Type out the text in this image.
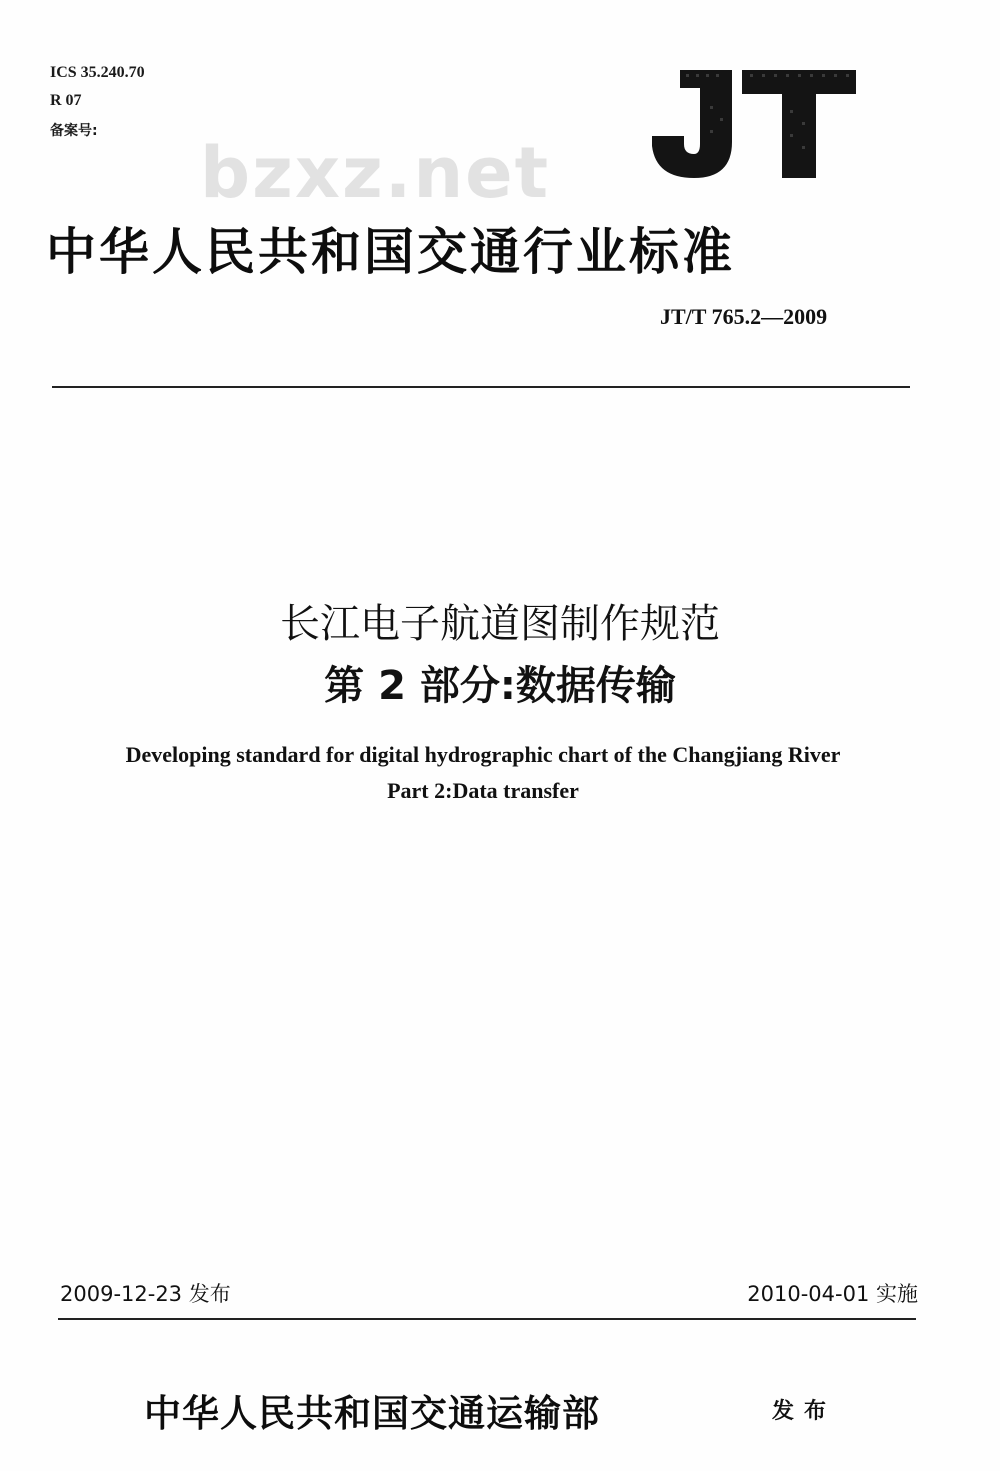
ICS 35.240.70
R 07
备案号:
bzxz.net
中华人民共和国交通行业标准
JT/T 765.2—2009
长江电子航道图制作规范
第 2 部分:数据传输
Developing standard for digital hydrographic chart of the Changjiang River
Part 2:Data transfer
2009-12-23 发布	2010-04-01 实施
中华人民共和国交通运输部	发布
